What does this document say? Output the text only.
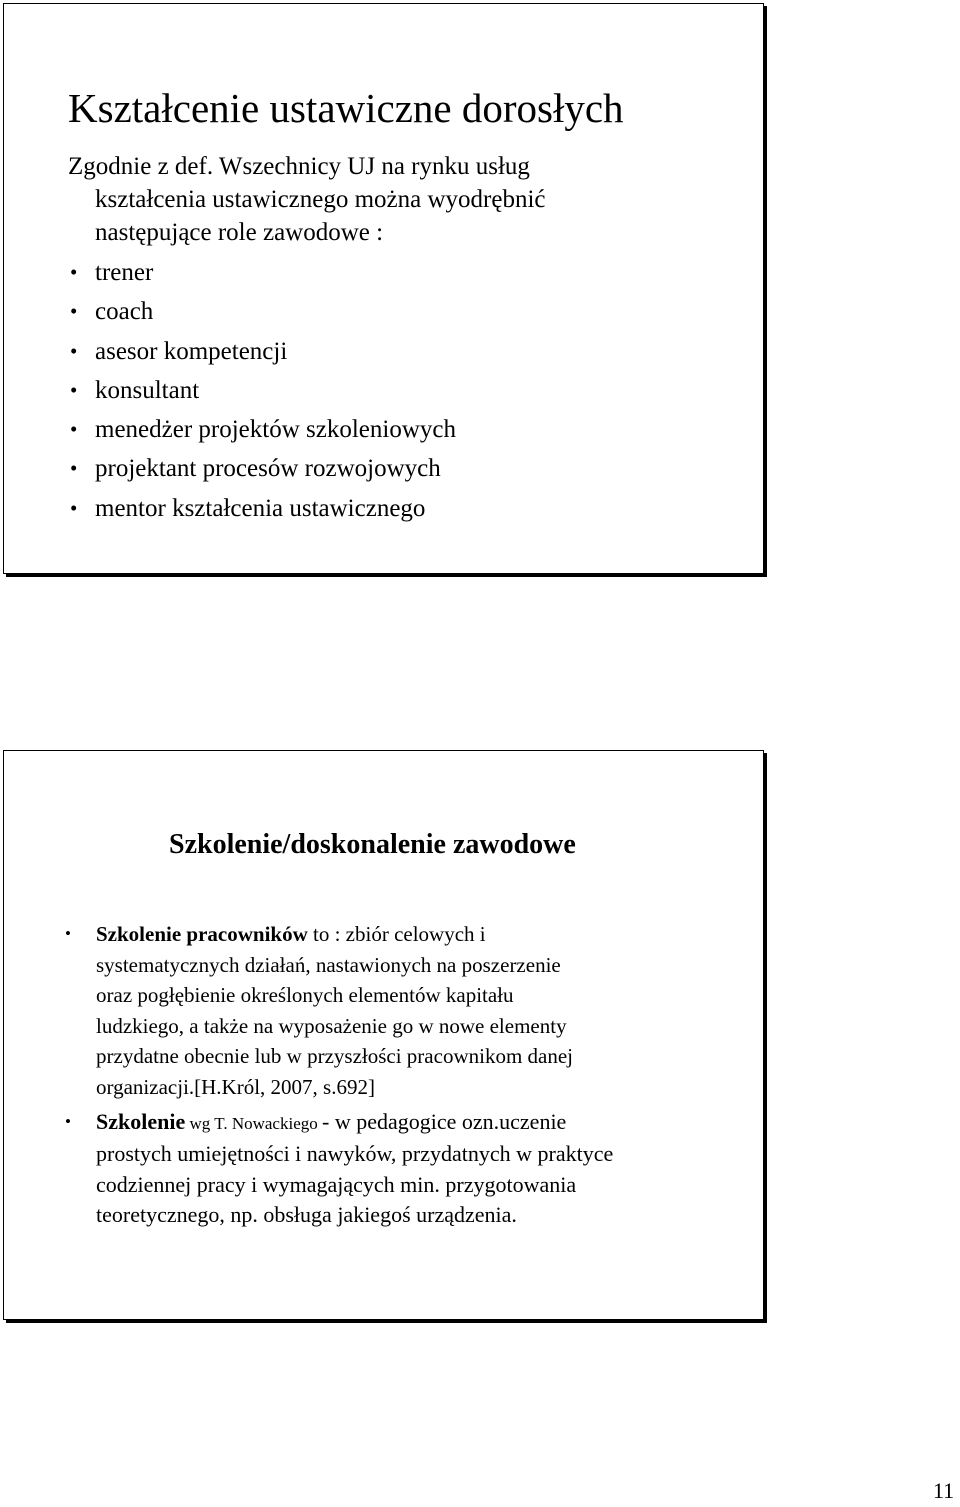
Kształcenie ustawiczne dorosłych
Zgodnie z def. Wszechnicy UJ na rynku usług
kształcenia ustawicznego można wyodrębnić
następujące role zawodowe :
• trener
• coach
• asesor kompetencji
• konsultant
• menedżer projektów szkoleniowych
• projektant procesów rozwojowych
• mentor kształcenia ustawicznego
Szkolenie/doskonalenie zawodowe
• Szkolenie pracowników to : zbiór celowych i
systematycznych działań, nastawionych na poszerzenie
oraz pogłębienie określonych elementów kapitału
ludzkiego, a także na wyposażenie go w nowe elementy
przydatne obecnie lub w przyszłości pracownikom danej
organizacji.[H.Król, 2007, s.692]
• Szkolenie wg T. Nowackiego - w pedagogice ozn.uczenie
prostych umiejętności i nawyków, przydatnych w praktyce
codziennej pracy i wymagających min. przygotowania
teoretycznego, np. obsługa jakiegoś urządzenia.
11
